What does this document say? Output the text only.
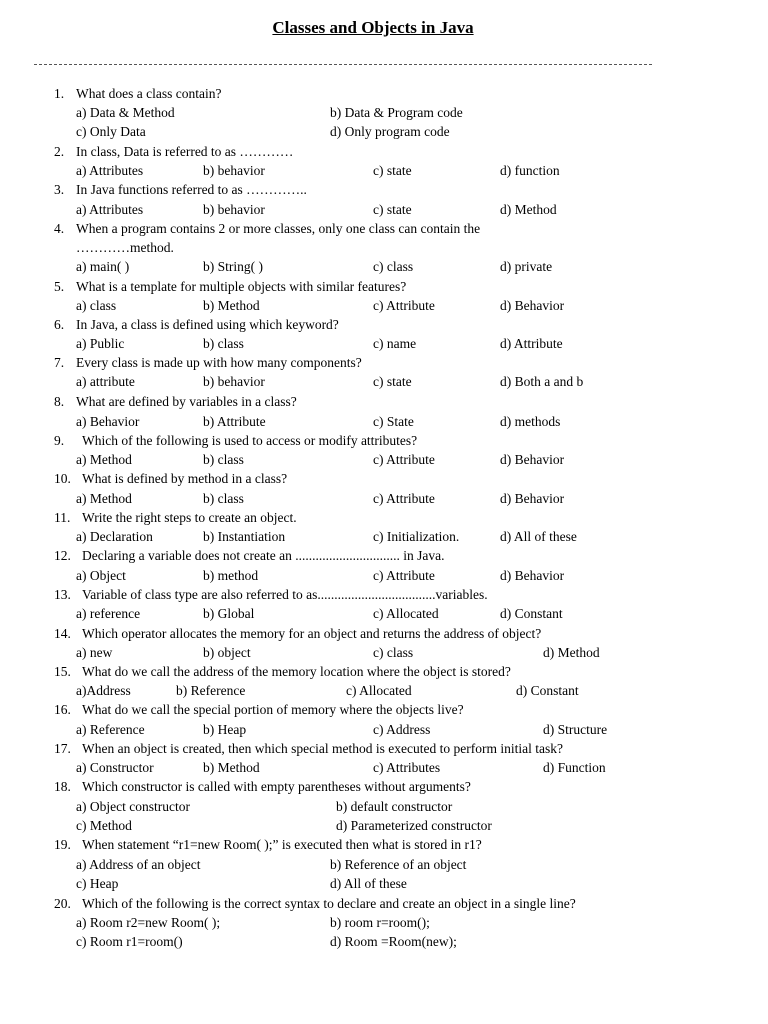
Classes and Objects in Java
1. What does a class contain?
a) Data & Method	b) Data & Program code
c) Only Data	d) Only program code
2. In class, Data is referred to as …………
a) Attributes	b) behavior	c) state	d) function
3. In Java functions referred to as …………..
a) Attributes	b) behavior	c) state	d) Method
4. When a program contains 2 or more classes, only one class can contain the
…………method.
a) main( )	b) String( )	c) class	d) private
5. What is a template for multiple objects with similar features?
a) class	b) Method	c) Attribute	d) Behavior
6. In Java, a class is defined using which keyword?
a) Public	b) class	c) name	d) Attribute
7. Every class is made up with how many components?
a) attribute	b) behavior	c) state	d) Both a and b
8. What are defined by variables in a class?
a) Behavior	b) Attribute	c) State	d) methods
9. Which of the following is used to access or modify attributes?
a) Method	b) class	c) Attribute	d) Behavior
10. What is defined by method in a class?
a) Method	b) class	c) Attribute	d) Behavior
11. Write the right steps to create an object.
a) Declaration	b) Instantiation	c) Initialization.	d) All of these
12. Declaring a variable does not create an ............................... in Java.
a) Object	b) method	c) Attribute	d) Behavior
13. Variable of class type are also referred to as...................................variables.
a) reference	b) Global	c) Allocated	d) Constant
14. Which operator allocates the memory for an object and returns the address of object?
a) new	b) object	c) class	d) Method
15. What do we call the address of the memory location where the object is stored?
a)Address	b) Reference	c) Allocated	d) Constant
16. What do we call the special portion of memory where the objects live?
a) Reference	b) Heap	c) Address	d) Structure
17. When an object is created, then which special method is executed to perform initial task?
a) Constructor	b) Method	c) Attributes	d) Function
18. Which constructor is called with empty parentheses without arguments?
a) Object constructor	b) default constructor
c) Method	d) Parameterized constructor
19. When statement “r1=new Room( );” is executed then what is stored in r1?
a) Address of an object	b) Reference of an object
c) Heap	d) All of these
20. Which of the following is the correct syntax to declare and create an object in a single line?
a) Room r2=new Room( );	b) room r=room();
c) Room r1=room()	d) Room =Room(new);
